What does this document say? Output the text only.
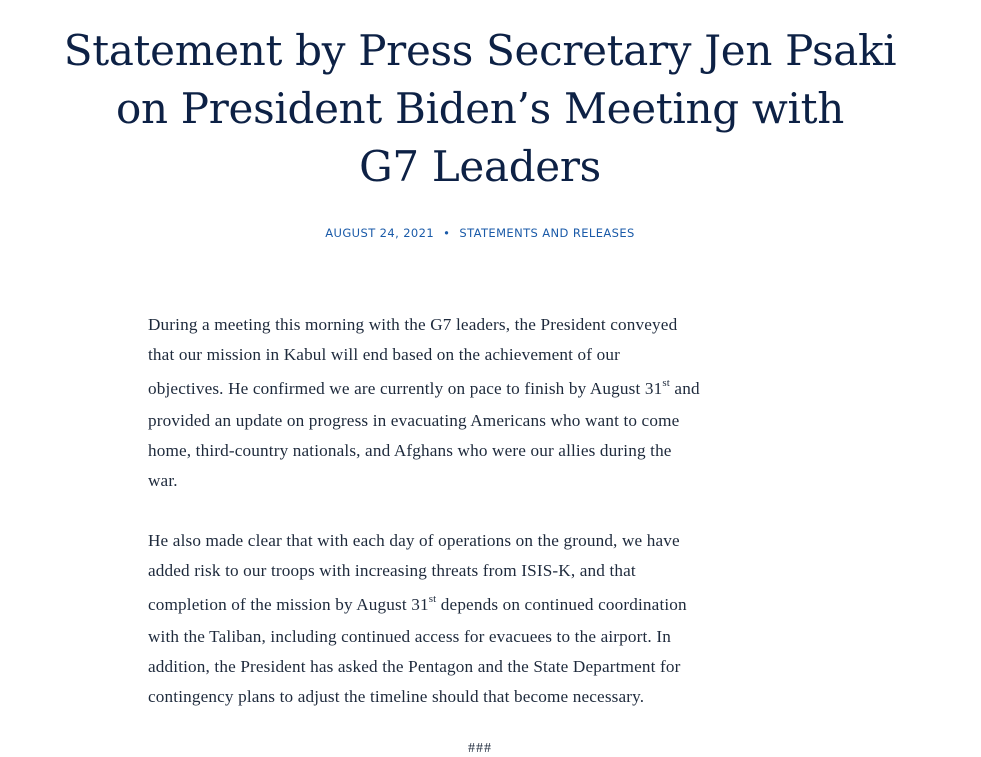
Statement by Press Secretary Jen Psaki
on President Biden’s Meeting with
G7 Leaders
AUGUST 24, 2021 • STATEMENTS AND RELEASES

During a meeting this morning with the G7 leaders, the President conveyed
that our mission in Kabul will end based on the achievement of our
objectives. He confirmed we are currently on pace to finish by August 31st and
provided an update on progress in evacuating Americans who want to come
home, third-country nationals, and Afghans who were our allies during the
war.

He also made clear that with each day of operations on the ground, we have
added risk to our troops with increasing threats from ISIS-K, and that
completion of the mission by August 31st depends on continued coordination
with the Taliban, including continued access for evacuees to the airport. In
addition, the President has asked the Pentagon and the State Department for
contingency plans to adjust the timeline should that become necessary.

###
